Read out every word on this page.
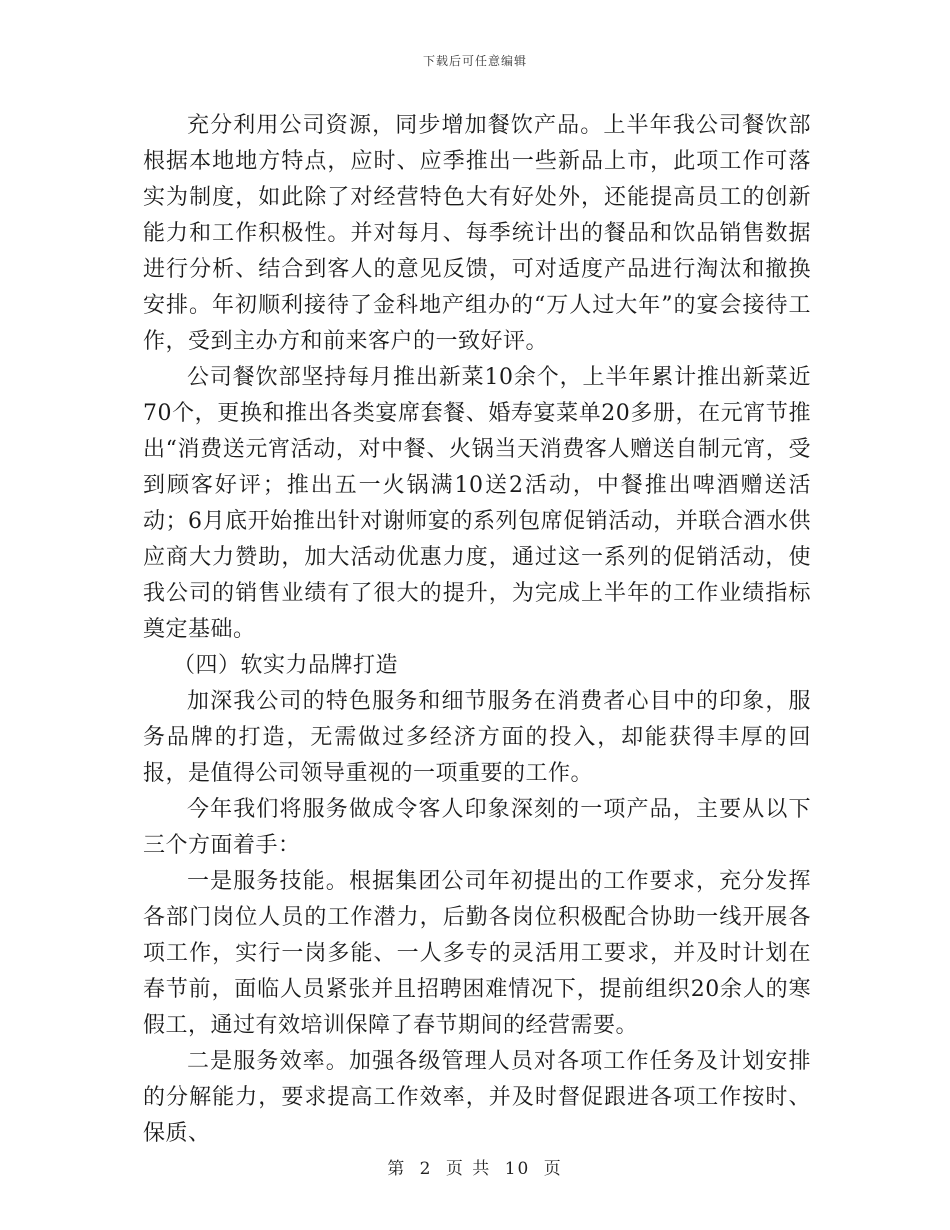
下载后可任意编辑

充分利用公司资源，同步增加餐饮产品。上半年我公司餐饮部根据本地地方特点，应时、应季推出一些新品上市，此项工作可落实为制度，如此除了对经营特色大有好处外，还能提高员工的创新能力和工作积极性。并对每月、每季统计出的餐品和饮品销售数据进行分析、结合到客人的意见反馈，可对适度产品进行淘汰和撤换安排。年初顺利接待了金科地产组办的“万人过大年”的宴会接待工作，受到主办方和前来客户的一致好评。

公司餐饮部坚持每月推出新菜10余个，上半年累计推出新菜近70个，更换和推出各类宴席套餐、婚寿宴菜单20多册，在元宵节推出“消费送元宵活动，对中餐、火锅当天消费客人赠送自制元宵，受到顾客好评；推出五一火锅满10送2活动，中餐推出啤酒赠送活动；6月底开始推出针对谢师宴的系列包席促销活动，并联合酒水供应商大力赞助，加大活动优惠力度，通过这一系列的促销活动，使我公司的销售业绩有了很大的提升，为完成上半年的工作业绩指标奠定基础。

（四）软实力品牌打造

加深我公司的特色服务和细节服务在消费者心目中的印象，服务品牌的打造，无需做过多经济方面的投入，却能获得丰厚的回报，是值得公司领导重视的一项重要的工作。

今年我们将服务做成令客人印象深刻的一项产品，主要从以下三个方面着手：

一是服务技能。根据集团公司年初提出的工作要求，充分发挥各部门岗位人员的工作潜力，后勤各岗位积极配合协助一线开展各项工作，实行一岗多能、一人多专的灵活用工要求，并及时计划在春节前，面临人员紧张并且招聘困难情况下，提前组织20余人的寒假工，通过有效培训保障了春节期间的经营需要。

二是服务效率。加强各级管理人员对各项工作任务及计划安排的分解能力，要求提高工作效率，并及时督促跟进各项工作按时、保质、

第 2 页 共 10 页
